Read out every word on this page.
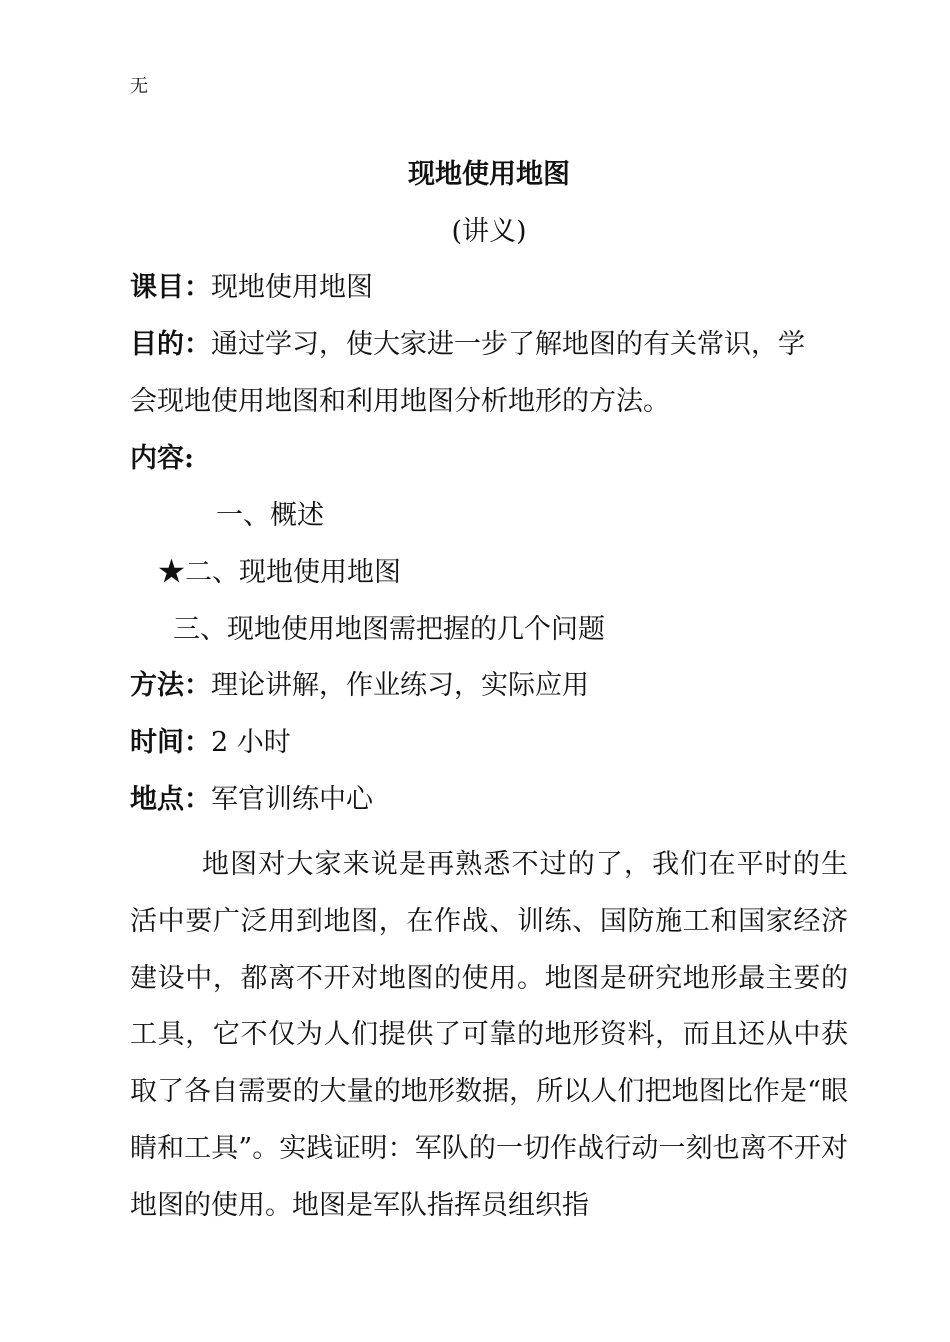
无
现地使用地图
(讲义)
课目：现地使用地图
目的：通过学习，使大家进一步了解地图的有关常识，学
会现地使用地图和利用地图分析地形的方法。
内容:
一、概述
★二、现地使用地图
三、现地使用地图需把握的几个问题
方法：理论讲解，作业练习，实际应用
时间：2 小时
地点：军官训练中心
地图对大家来说是再熟悉不过的了，我们在平时的生活中要广泛用到地图，在作战、训练、国防施工和国家经济建设中，都离不开对地图的使用。地图是研究地形最主要的工具，它不仅为人们提供了可靠的地形资料，而且还从中获取了各自需要的大量的地形数据，所以人们把地图比作是“眼睛和工具”。实践证明：军队的一切作战行动一刻也离不开对地图的使用。地图是军队指挥员组织指
